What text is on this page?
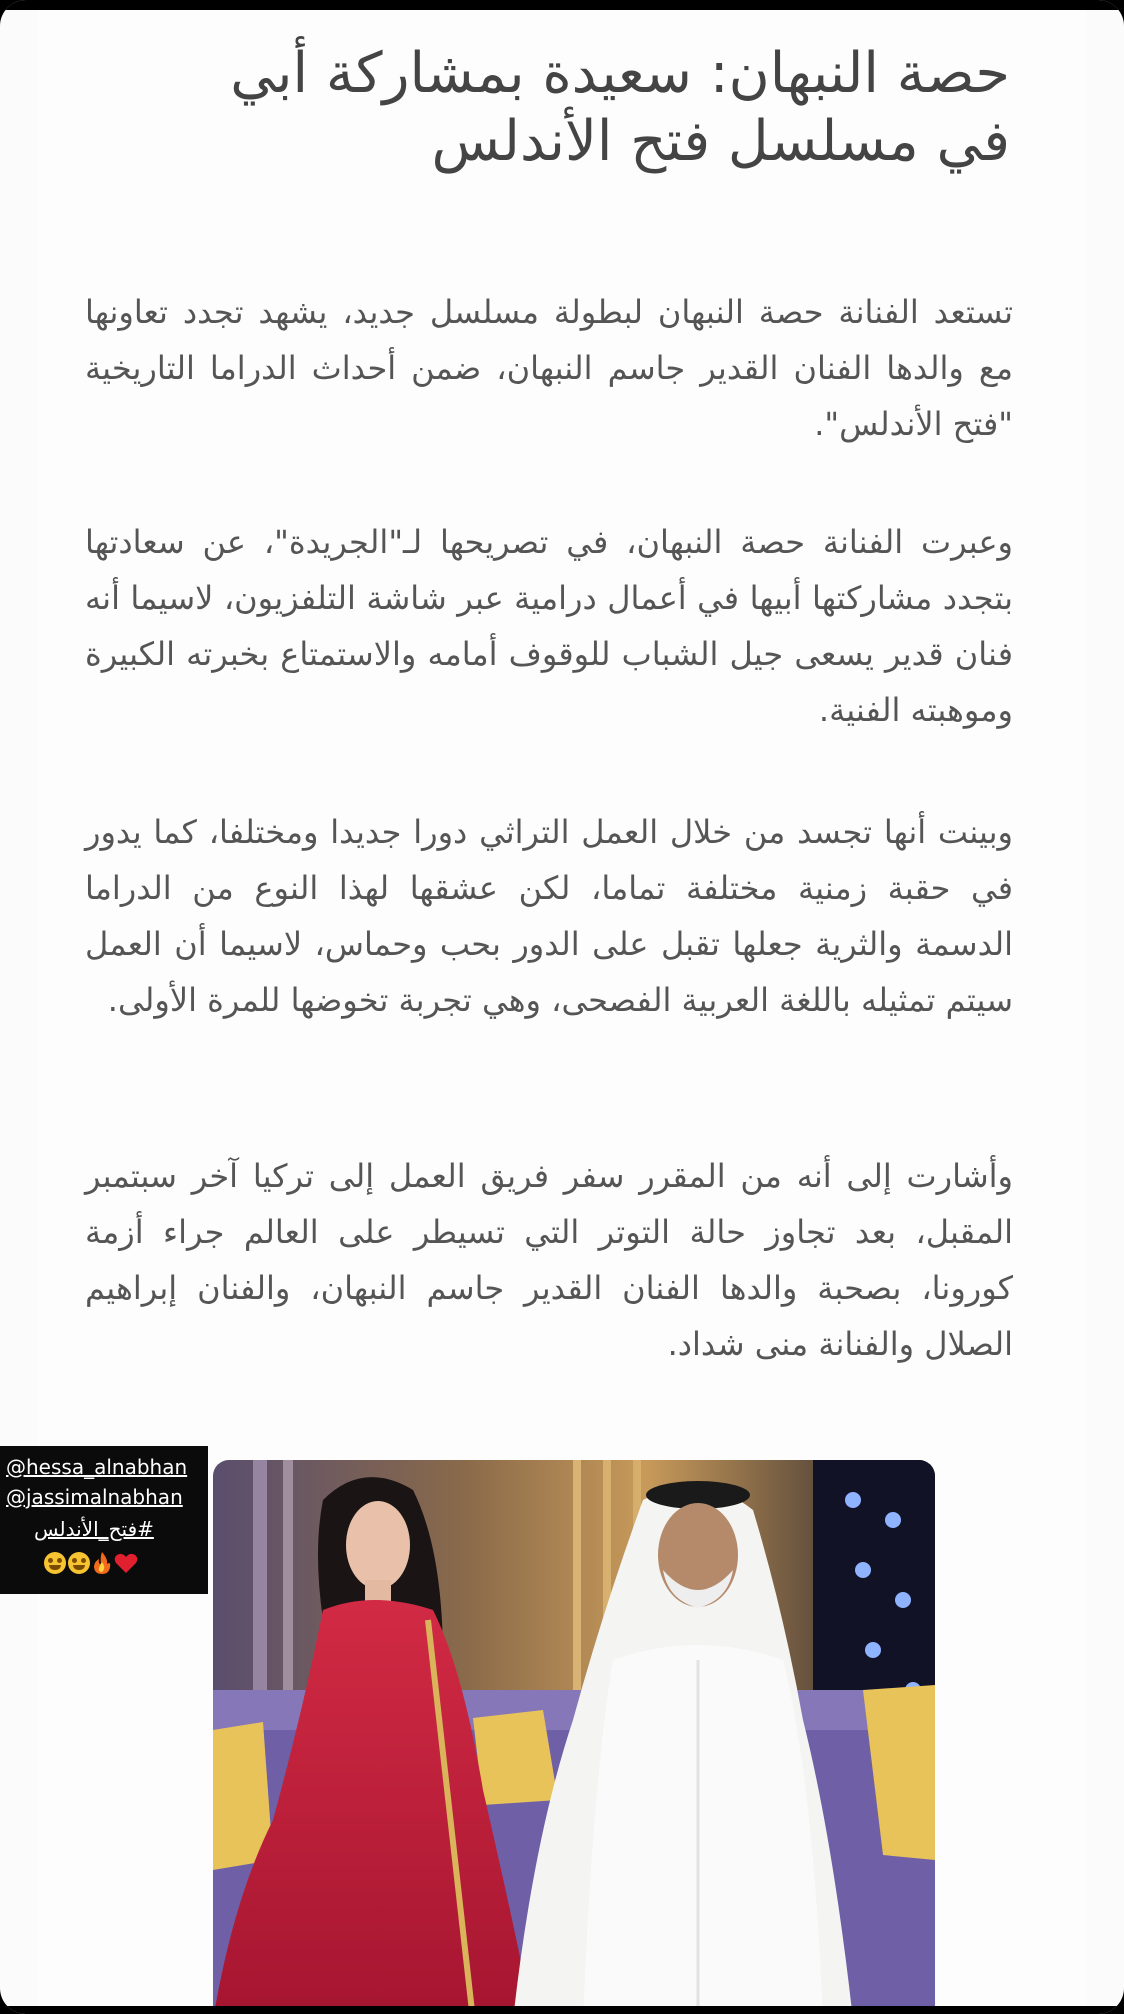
حصة النبهان: سعيدة بمشاركة أبي في مسلسل فتح الأندلس

تستعد الفنانة حصة النبهان لبطولة مسلسل جديد، يشهد تجدد تعاونها مع والدها الفنان القدير جاسم النبهان، ضمن أحداث الدراما التاريخية "فتح الأندلس".

وعبرت الفنانة حصة النبهان، في تصريحها لـ"الجريدة"، عن سعادتها بتجدد مشاركتها أبيها في أعمال درامية عبر شاشة التلفزيون، لاسيما أنه فنان قدير يسعى جيل الشباب للوقوف أمامه والاستمتاع بخبرته الكبيرة وموهبته الفنية.

وبينت أنها تجسد من خلال العمل التراثي دورا جديدا ومختلفا، كما يدور في حقبة زمنية مختلفة تماما، لكن عشقها لهذا النوع من الدراما الدسمة والثرية جعلها تقبل على الدور بحب وحماس، لاسيما أن العمل سيتم تمثيله باللغة العربية الفصحى، وهي تجربة تخوضها للمرة الأولى.

وأشارت إلى أنه من المقرر سفر فريق العمل إلى تركيا آخر سبتمبر المقبل، بعد تجاوز حالة التوتر التي تسيطر على العالم جراء أزمة كورونا، بصحبة والدها الفنان القدير جاسم النبهان، والفنان إبراهيم الصلال والفنانة منى شداد.

@hessa_alnabhan
@jassimalnabhan
#فتح_الأندلس
